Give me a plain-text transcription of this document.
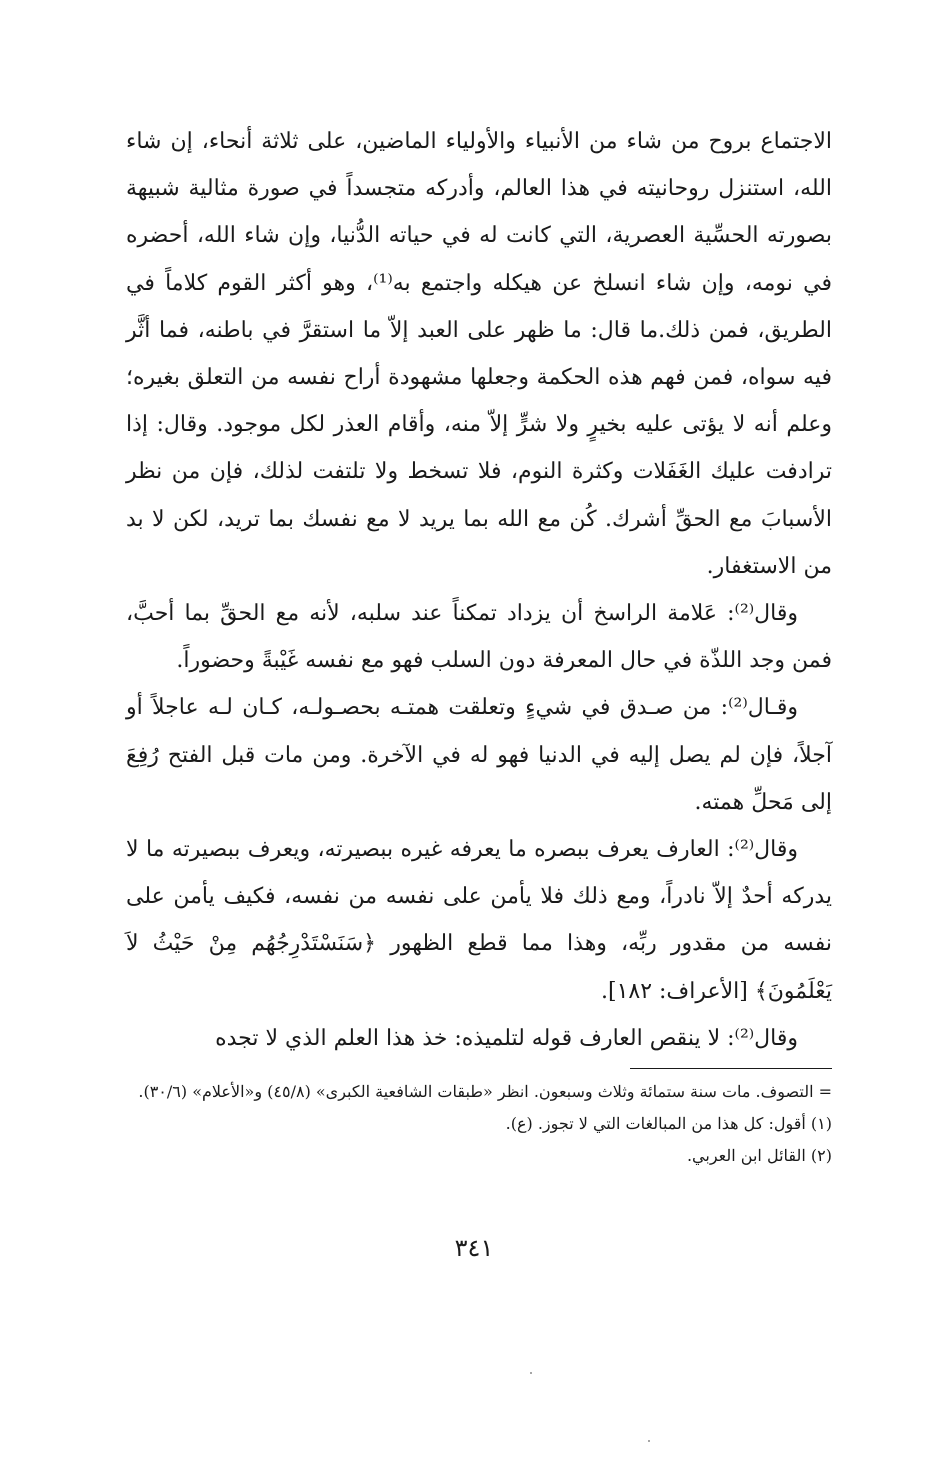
الاجتماع بروح من شاء من الأنبياء والأولياء الماضين، على ثلاثة أنحاء، إن شاء الله، استنزل روحانيته في هذا العالم، وأدركه متجسداً في صورة مثالية شبيهة بصورته الحسِّية العصرية، التي كانت له في حياته الدُّنيا، وإن شاء الله، أحضره في نومه، وإن شاء انسلخ عن هيكله واجتمع به⁽¹⁾، وهو أكثر القوم كلاماً في الطريق، فمن ذلك.ما قال: ما ظهر على العبد إلاّ ما استقرَّ في باطنه، فما أثَّر فيه سواه، فمن فهم هذه الحكمة وجعلها مشهودة أراح نفسه من التعلق بغيره؛ وعلم أنه لا يؤتى عليه بخيرٍ ولا شرٍّ إلاّ منه، وأقام العذر لكل موجود. وقال: إذا ترادفت عليك الغَفَلات وكثرة النوم، فلا تسخط ولا تلتفت لذلك، فإن من نظر الأسبابَ مع الحقِّ أشرك. كُن مع الله بما يريد لا مع نفسك بما تريد، لكن لا بد من الاستغفار.

وقال⁽²⁾: عَلامة الراسخ أن يزداد تمكناً عند سلبه، لأنه مع الحقِّ بما أحبَّ، فمن وجد اللذّة في حال المعرفة دون السلب فهو مع نفسه غَيْبةً وحضوراً.

وقـال⁽²⁾: من صـدق في شيءٍ وتعلقت همتـه بحصـولـه، كـان لـه عاجلاً أو آجلاً، فإن لم يصل إليه في الدنيا فهو له في الآخرة. ومن مات قبل الفتح رُفِعَ إلى مَحلِّ همته.

وقال⁽²⁾: العارف يعرف ببصره ما يعرفه غيره ببصيرته، ويعرف ببصيرته ما لا يدركه أحدٌ إلاّ نادراً، ومع ذلك فلا يأمن على نفسه من نفسه، فكيف يأمن على نفسه من مقدور ربِّه، وهذا مما قطع الظهور ﴿سَنَسْتَدْرِجُهُم مِنْ حَيْثُ لاَ يَعْلَمُونَ﴾ [الأعراف: ١٨٢].

وقال⁽²⁾: لا ينقص العارف قوله لتلميذه: خذ هذا العلم الذي لا تجده

= التصوف. مات سنة ستمائة وثلاث وسبعون. انظر «طبقات الشافعية الكبرى» (٤٥/٨) و«الأعلام» (٣٠/٦).

(١) أقول: كل هذا من المبالغات التي لا تجوز. (ع).

(٢) القائل ابن العربي.

٣٤١
